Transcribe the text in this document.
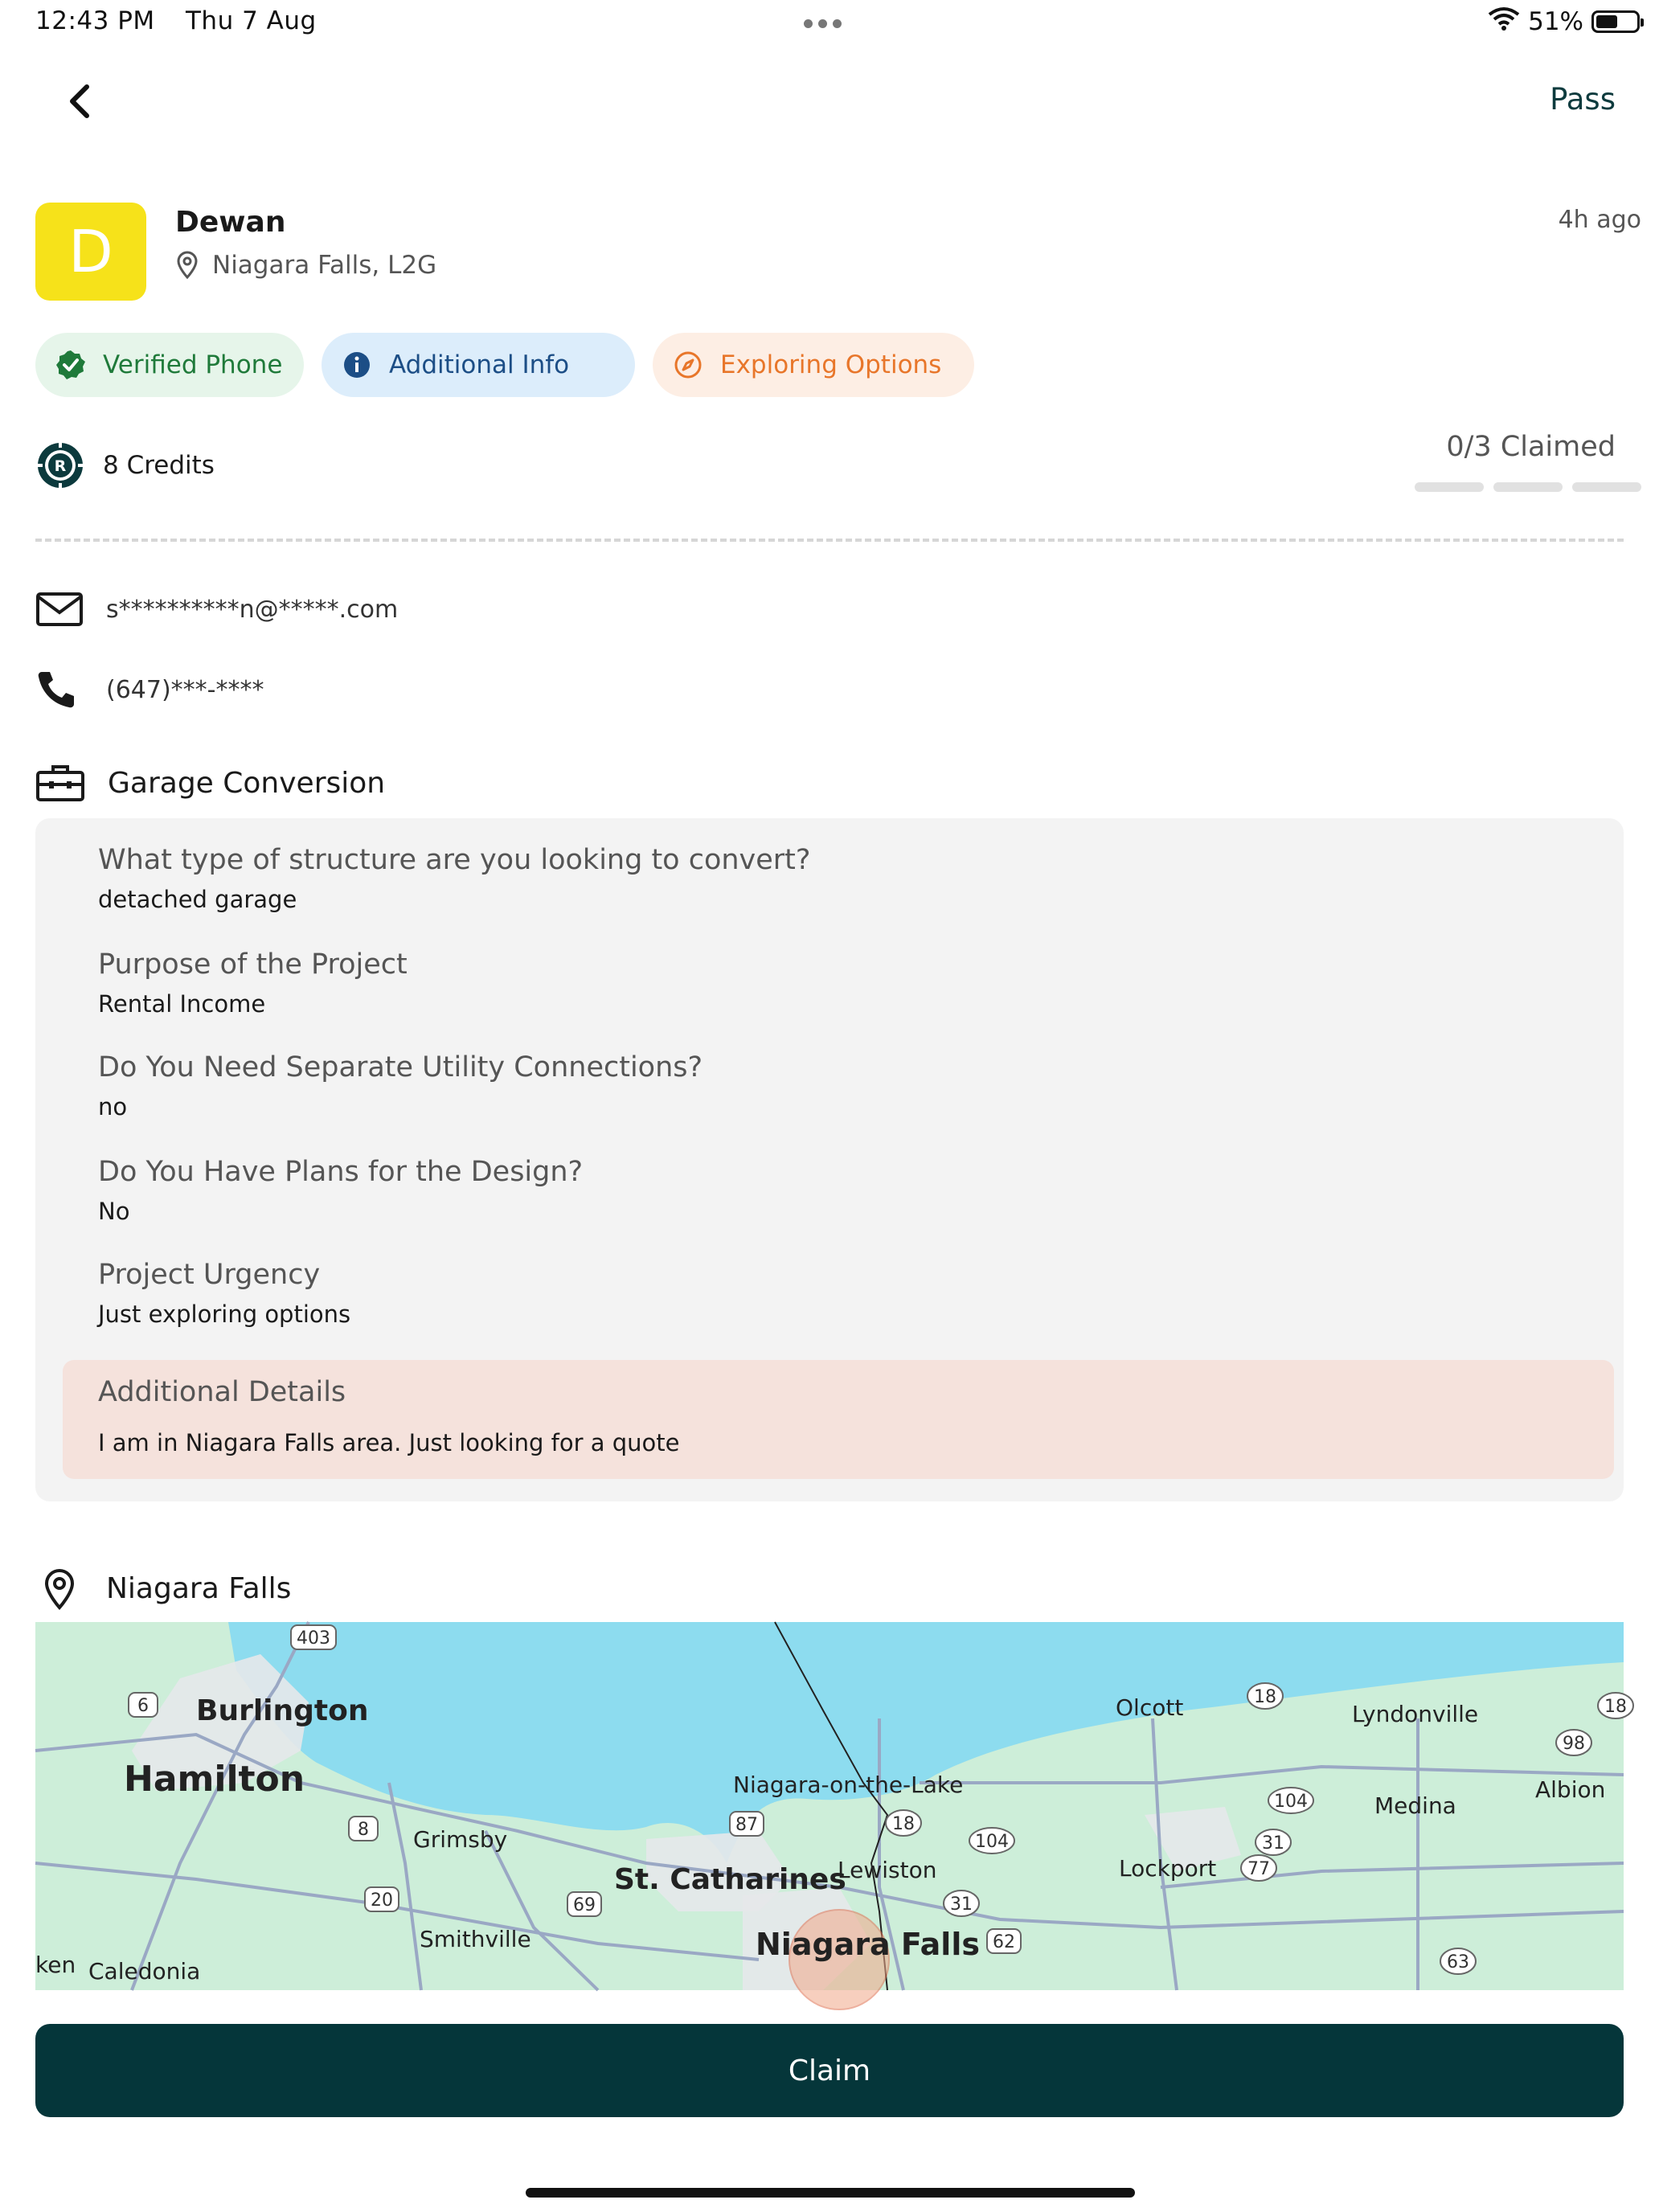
12:43 PM Thu 7 Aug	51%
Pass
D	Dewan
Niagara Falls, L2G
4h ago
Verified Phone	Additional Info	Exploring Options
R 8 Credits
0/3 Claimed
s**********n@*****.com
(647)***-****
Garage Conversion
What type of structure are you looking to convert?
detached garage
Purpose of the Project
Rental Income
Do You Need Separate Utility Connections?
no
Do You Have Plans for the Design?
No
Project Urgency
Just exploring options
Additional Details
I am in Niagara Falls area. Just looking for a quote
Niagara Falls
Burlington
Hamilton
Grimsby
St. Catharines
Niagara-on-the-Lake
Lewiston
Niagara Falls
Smithville
Caledonia
ken
Olcott	Lyndonville
Medina
Albion
Lockport
403
6
8
20	69
87	18
104
31
62
18
104
31
77
98
63
18
Claim
